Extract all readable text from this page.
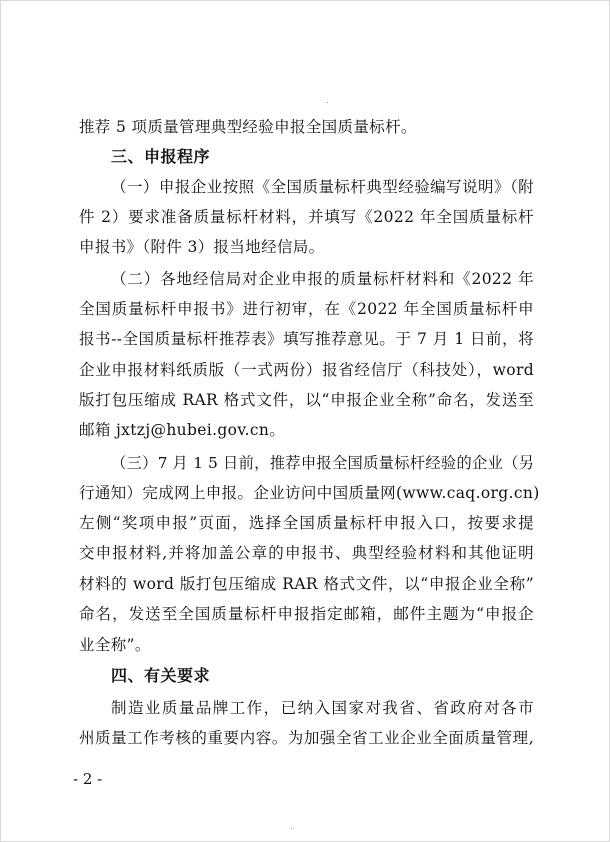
推荐 5 项质量管理典型经验申报全国质量标杆。
三、申报程序
（一）申报企业按照《全国质量标杆典型经验编写说明》（附
件 2）要求准备质量标杆材料，并填写《2022 年全国质量标杆
申报书》（附件 3）报当地经信局。
（二）各地经信局对企业申报的质量标杆材料和《2022 年
全国质量标杆申报书》进行初审，在《2022 年全国质量标杆申
报书--全国质量标杆推荐表》填写推荐意见。于 7 月 1 日前，将
企业申报材料纸质版（一式两份）报省经信厅（科技处），word
版打包压缩成 RAR 格式文件，以“申报企业全称”命名，发送至
邮箱 jxtzj@hubei.gov.cn。
（三）7 月 1 5 日前，推荐申报全国质量标杆经验的企业（另
行通知）完成网上申报。企业访问中国质量网(www.caq.org.cn)
左侧“奖项申报”页面，选择全国质量标杆申报入口，按要求提
交申报材料,并将加盖公章的申报书、典型经验材料和其他证明
材料的 word 版打包压缩成 RAR 格式文件，以“申报企业全称”
命名，发送至全国质量标杆申报指定邮箱，邮件主题为“申报企
业全称”。
四、有关要求
制造业质量品牌工作，已纳入国家对我省、省政府对各市
州质量工作考核的重要内容。为加强全省工业企业全面质量管理,
- 2 -
